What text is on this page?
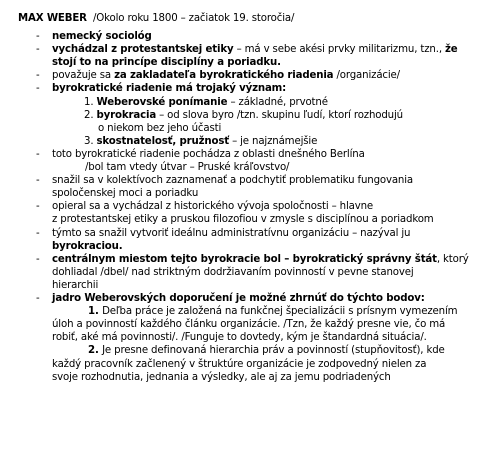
MAX WEBER /Okolo roku 1800 – začiatok 19. storočia/
- nemecký sociológ
- vychádzal z protestantskej etiky – má v sebe akési prvky militarizmu, tzn., že
stojí to na princípe disciplíny a poriadku.
- považuje sa za zakladateľa byrokratického riadenia /organizácie/
- byrokratické riadenie má trojaký význam:
1. Weberovské ponímanie – základné, prvotné
2. byrokracia – od slova byro /tzn. skupinu ľudí, ktorí rozhodujú
o niekom bez jeho účasti
3. skostnatelosť, pružnosť – je najznámejšie
- toto byrokratické riadenie pochádza z oblasti dnešného Berlína
/bol tam vtedy útvar – Pruské kráľovstvo/
- snažil sa v kolektívoch zaznamenať a podchytiť problematiku fungovania
spoločenskej moci a poriadku
- opieral sa a vychádzal z historického vývoja spoločnosti – hlavne
z protestantskej etiky a pruskou filozofiou v zmysle s disciplínou a poriadkom
- týmto sa snažil vytvoriť ideálnu administratívnu organizáciu – nazýval ju
byrokraciou.
- centrálnym miestom tejto byrokracie bol – byrokratický správny štát, ktorý
dohliadal /dbel/ nad striktným dodržiavaním povinností v pevne stanovej
hierarchii
- jadro Weberovských doporučení je možné zhrnúť do týchto bodov:
1. Deľba práce je založená na funkčnej špecializácii s prísnym vymezením
úloh a povinností každého článku organizácie. /Tzn, že každý presne vie, čo má
robiť, aké má povinnosti/. /Funguje to dovtedy, kým je štandardná situácia/.
2. Je presne definovaná hierarchia práv a povinností (stupňovitosť), kde
každý pracovník začlenený v štruktúre organizácie je zodpovedný nielen za
svoje rozhodnutia, jednania a výsledky, ale aj za jemu podriadených
